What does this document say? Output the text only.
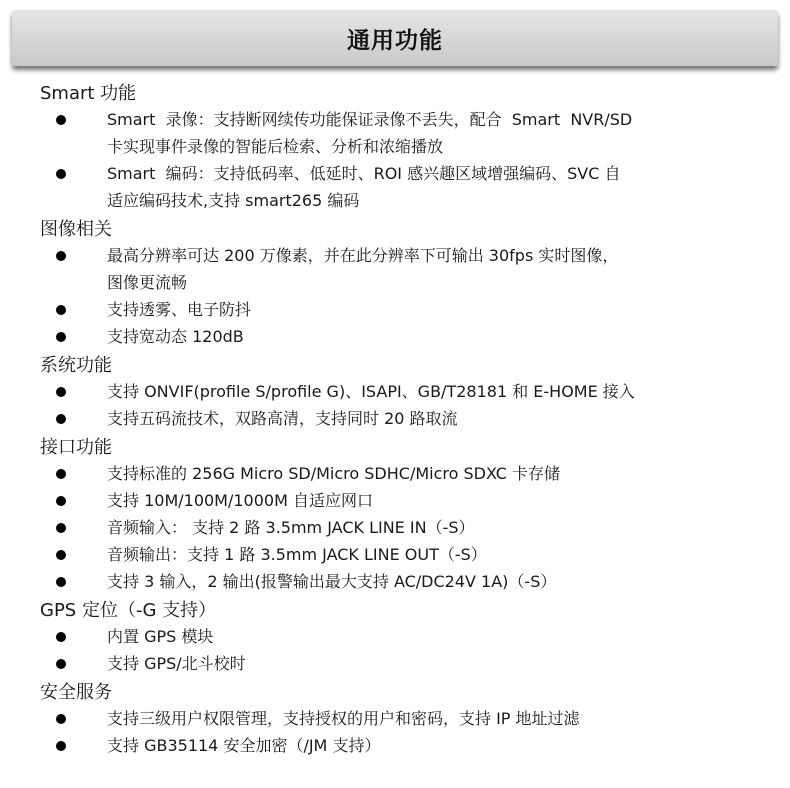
通用功能
Smart 功能
Smart  录像：支持断网续传功能保证录像不丢失，配合  Smart  NVR/SD
卡实现事件录像的智能后检索、分析和浓缩播放
Smart  编码：支持低码率、低延时、ROI 感兴趣区域增强编码、SVC 自
适应编码技术,支持 smart265 编码
图像相关
最高分辨率可达 200 万像素，并在此分辨率下可输出 30fps 实时图像，
图像更流畅
支持透雾、电子防抖
支持宽动态 120dB
系统功能
支持 ONVIF(profile S/profile G)、ISAPI、GB/T28181 和 E-HOME 接入
支持五码流技术，双路高清，支持同时 20 路取流
接口功能
支持标准的 256G Micro SD/Micro SDHC/Micro SDXC 卡存储
支持 10M/100M/1000M 自适应网口
音频输入： 支持 2 路 3.5mm JACK LINE IN（-S）
音频输出：支持 1 路 3.5mm JACK LINE OUT（-S）
支持 3 输入，2 输出(报警输出最大支持 AC/DC24V 1A)（-S）
GPS 定位（-G 支持）
内置 GPS 模块
支持 GPS/北斗校时
安全服务
支持三级用户权限管理，支持授权的用户和密码，支持 IP 地址过滤
支持 GB35114 安全加密（/JM 支持）
